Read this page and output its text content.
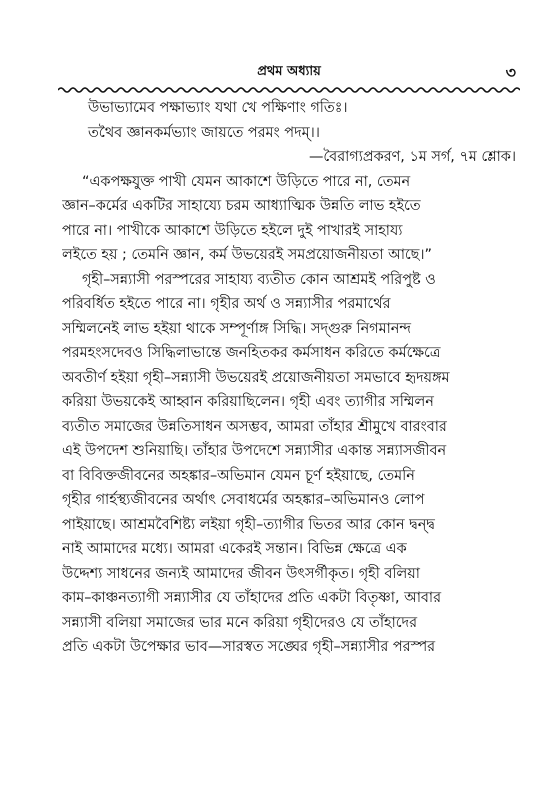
প্রথম অধ্যায়	৩
উভাভ্যামেব পক্ষাভ্যাং যথা খে পক্ষিণাং গতিঃ।
তথৈব জ্ঞানকর্মভ্যাং জায়তে পরমং পদম্।।
—বৈরাগ্যপ্রকরণ, ১ম সর্গ, ৭ম শ্লোক।
“একপক্ষযুক্ত পাখী যেমন আকাশে উড়িতে পারে না, তেমন
জ্ঞান–কর্মের একটির সাহায্যে চরম আধ্যাত্মিক উন্নতি লাভ হইতে
পারে না। পাখীকে আকাশে উড়িতে হইলে দুই পাখারই সাহায্য
লইতে হয় ; তেমনি জ্ঞান, কর্ম উভয়েরই সমপ্রয়োজনীয়তা আছে।”
গৃহী–সন্ন্যাসী পরস্পরের সাহায্য ব্যতীত কোন আশ্রমই পরিপুষ্ট ও
পরিবর্ধিত হইতে পারে না। গৃহীর অর্থ ও সন্ন্যাসীর পরমার্থের
সম্মিলনেই লাভ হইয়া থাকে সম্পূর্ণাঙ্গ সিদ্ধি। সদ্গুরু নিগমানন্দ
পরমহংসদেবও সিদ্ধিলাভান্তে জনহিতকর কর্মসাধন করিতে কর্মক্ষেত্রে
অবতীর্ণ হইয়া গৃহী–সন্ন্যাসী উভয়েরই প্রয়োজনীয়তা সমভাবে হৃদয়ঙ্গম
করিয়া উভয়কেই আহ্বান করিয়াছিলেন। গৃহী এবং ত্যাগীর সম্মিলন
ব্যতীত সমাজের উন্নতিসাধন অসম্ভব, আমরা তাঁহার শ্রীমুখে বারংবার
এই উপদেশ শুনিয়াছি। তাঁহার উপদেশে সন্ন্যাসীর একান্ত সন্ন্যাসজীবন
বা বিবিক্তজীবনের অহঙ্কার–অভিমান যেমন চূর্ণ হইয়াছে, তেমনি
গৃহীর গার্হস্থ্যজীবনের অর্থাৎ সেবাধর্মের অহঙ্কার–অভিমানও লোপ
পাইয়াছে। আশ্রমবৈশিষ্ট্য লইয়া গৃহী–ত্যাগীর ভিতর আর কোন দ্বন্দ্ব
নাই আমাদের মধ্যে। আমরা একেরই সন্তান। বিভিন্ন ক্ষেত্রে এক
উদ্দেশ্য সাধনের জন্যই আমাদের জীবন উৎসর্গীকৃত। গৃহী বলিয়া
কাম–কাঞ্চনত্যাগী সন্ন্যাসীর যে তাঁহাদের প্রতি একটা বিতৃষ্ণা, আবার
সন্ন্যাসী বলিয়া সমাজের ভার মনে করিয়া গৃহীদেরও যে তাঁহাদের
প্রতি একটা উপেক্ষার ভাব—সারস্বত সঙ্ঘের গৃহী–সন্ন্যাসীর পরস্পর
